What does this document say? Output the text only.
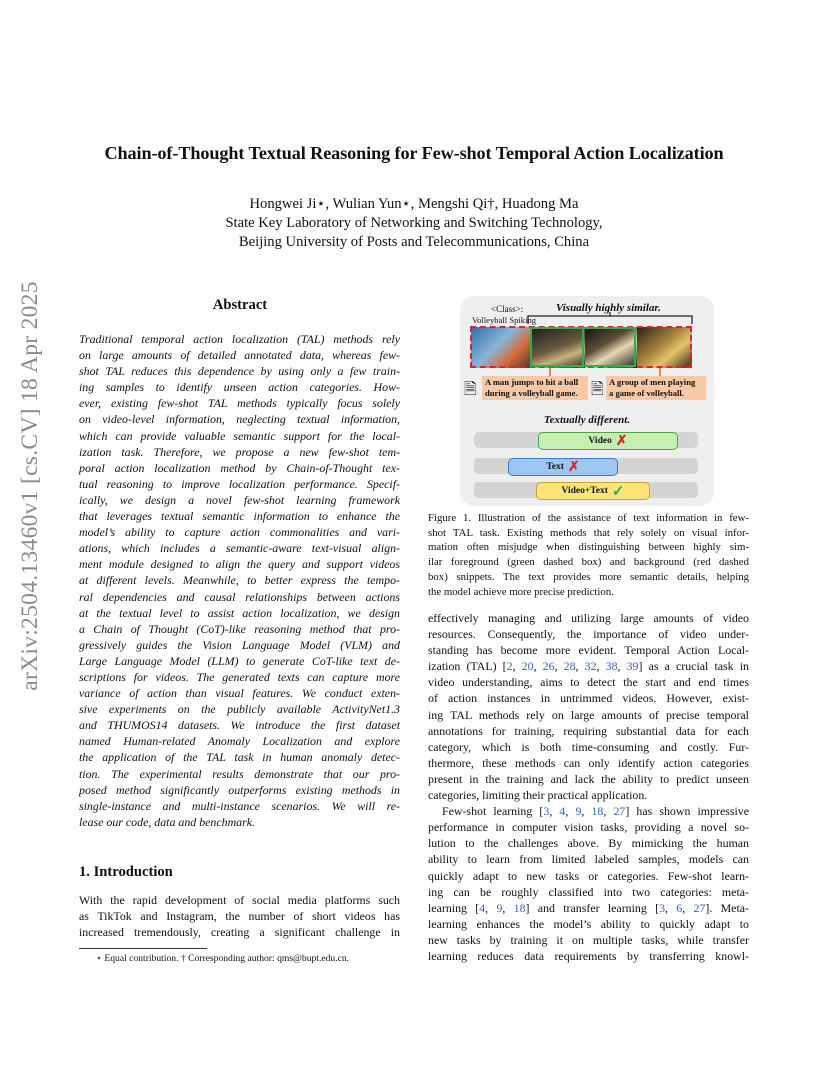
arXiv:2504.13460v1 [cs.CV] 18 Apr 2025
Chain-of-Thought Textual Reasoning for Few-shot Temporal Action Localization
Hongwei Ji⋆, Wulian Yun⋆, Mengshi Qi†, Huadong Ma
State Key Laboratory of Networking and Switching Technology,
Beijing University of Posts and Telecommunications, China
Abstract
Traditional temporal action localization (TAL) methods rely
on large amounts of detailed annotated data, whereas few-
shot TAL reduces this dependence by using only a few train-
ing samples to identify unseen action categories. How-
ever, existing few-shot TAL methods typically focus solely
on video-level information, neglecting textual information,
which can provide valuable semantic support for the local-
ization task. Therefore, we propose a new few-shot tem-
poral action localization method by Chain-of-Thought tex-
tual reasoning to improve localization performance. Specif-
ically, we design a novel few-shot learning framework
that leverages textual semantic information to enhance the
model’s ability to capture action commonalities and vari-
ations, which includes a semantic-aware text-visual align-
ment module designed to align the query and support videos
at different levels. Meanwhile, to better express the tempo-
ral dependencies and causal relationships between actions
at the textual level to assist action localization, we design
a Chain of Thought (CoT)-like reasoning method that pro-
gressively guides the Vision Language Model (VLM) and
Large Language Model (LLM) to generate CoT-like text de-
scriptions for videos. The generated texts can capture more
variance of action than visual features. We conduct exten-
sive experiments on the publicly available ActivityNet1.3
and THUMOS14 datasets. We introduce the first dataset
named Human-related Anomaly Localization and explore
the application of the TAL task in human anomaly detec-
tion. The experimental results demonstrate that our pro-
posed method significantly outperforms existing methods in
single-instance and multi-instance scenarios. We will re-
lease our code, data and benchmark.
1. Introduction
With the rapid development of social media platforms such
as TikTok and Instagram, the number of short videos has
increased tremendously, creating a significant challenge in
⋆ Equal contribution. † Corresponding author: qms@bupt.edu.cn.
<Class>:
Volleyball Spiking
Visually highly similar.
🗎 A man jumps to hit a ball
during a volleyball game. 🗎 A group of men playing
a game of volleyball.
Textually different.
Video ✗
Text ✗
Video+Text ✓
Figure 1. Illustration of the assistance of text information in few-
shot TAL task. Existing methods that rely solely on visual infor-
mation often misjudge when distinguishing between highly sim-
ilar foreground (green dashed box) and background (red dashed
box) snippets. The text provides more semantic details, helping
the model achieve more precise prediction.
effectively managing and utilizing large amounts of video
resources. Consequently, the importance of video under-
standing has become more evident. Temporal Action Local-
ization (TAL) [2, 20, 26, 28, 32, 38, 39] as a crucial task in
video understanding, aims to detect the start and end times
of action instances in untrimmed videos. However, exist-
ing TAL methods rely on large amounts of precise temporal
annotations for training, requiring substantial data for each
category, which is both time-consuming and costly. Fur-
thermore, these methods can only identify action categories
present in the training and lack the ability to predict unseen
categories, limiting their practical application.
Few-shot learning [3, 4, 9, 18, 27] has shown impressive
performance in computer vision tasks, providing a novel so-
lution to the challenges above. By mimicking the human
ability to learn from limited labeled samples, models can
quickly adapt to new tasks or categories. Few-shot learn-
ing can be roughly classified into two categories: meta-
learning [4, 9, 18] and transfer learning [3, 6, 27]. Meta-
learning enhances the model’s ability to quickly adapt to
new tasks by training it on multiple tasks, while transfer
learning reduces data requirements by transferring knowl-
